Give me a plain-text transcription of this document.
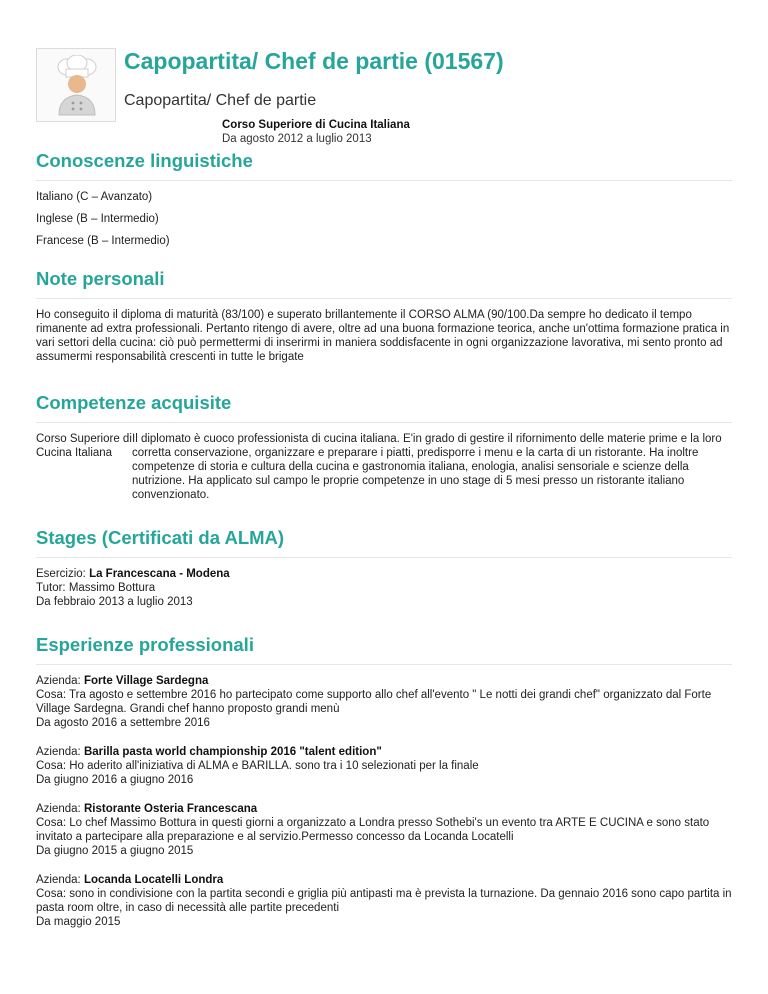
Capopartita/ Chef de partie (01567)
Capopartita/ Chef de partie
Corso Superiore di Cucina Italiana
Da agosto 2012 a luglio 2013
Conoscenze linguistiche
Italiano (C – Avanzato)
Inglese (B – Intermedio)
Francese (B – Intermedio)
Note personali
Ho conseguito il diploma di maturità (83/100) e superato brillantemente il CORSO ALMA (90/100.Da sempre ho dedicato il tempo rimanente ad extra professionali. Pertanto ritengo di avere, oltre ad una buona formazione teorica, anche un'ottima formazione pratica in vari settori della cucina: ciò può permettermi di inserirmi in maniera soddisfacente in ogni organizzazione lavorativa, mi sento pronto ad assumermi responsabilità crescenti in tutte le brigate
Competenze acquisite
Corso Superiore di Cucina Italiana
Il diplomato è cuoco professionista di cucina italiana. E'in grado di gestire il rifornimento delle materie prime e la loro corretta conservazione, organizzare e preparare i piatti, predisporre i menu e la carta di un ristorante. Ha inoltre competenze di storia e cultura della cucina e gastronomia italiana, enologia, analisi sensoriale e scienze della nutrizione. Ha applicato sul campo le proprie competenze in uno stage di 5 mesi presso un ristorante italiano convenzionato.
Stages (Certificati da ALMA)
Esercizio: La Francescana - Modena
Tutor: Massimo Bottura
Da febbraio 2013 a luglio 2013
Esperienze professionali
Azienda: Forte Village Sardegna
Cosa: Tra agosto e settembre 2016 ho partecipato come supporto allo chef all'evento " Le notti dei grandi chef" organizzato dal Forte Village Sardegna. Grandi chef hanno proposto grandi menù
Da agosto 2016 a settembre 2016
Azienda: Barilla pasta world championship 2016 "talent edition"
Cosa: Ho aderito all'iniziativa di ALMA e BARILLA. sono tra i 10 selezionati per la finale
Da giugno 2016 a giugno 2016
Azienda: Ristorante Osteria Francescana
Cosa: Lo chef Massimo Bottura in questi giorni a organizzato a Londra presso Sothebi's un evento tra ARTE E CUCINA e sono stato invitato a partecipare alla preparazione e al servizio.Permesso concesso da Locanda Locatelli
Da giugno 2015 a giugno 2015
Azienda: Locanda Locatelli Londra
Cosa: sono in condivisione con la partita secondi e griglia più antipasti ma è prevista la turnazione. Da gennaio 2016 sono capo partita in pasta room oltre, in caso di necessità alle partite precedenti
Da maggio 2015
